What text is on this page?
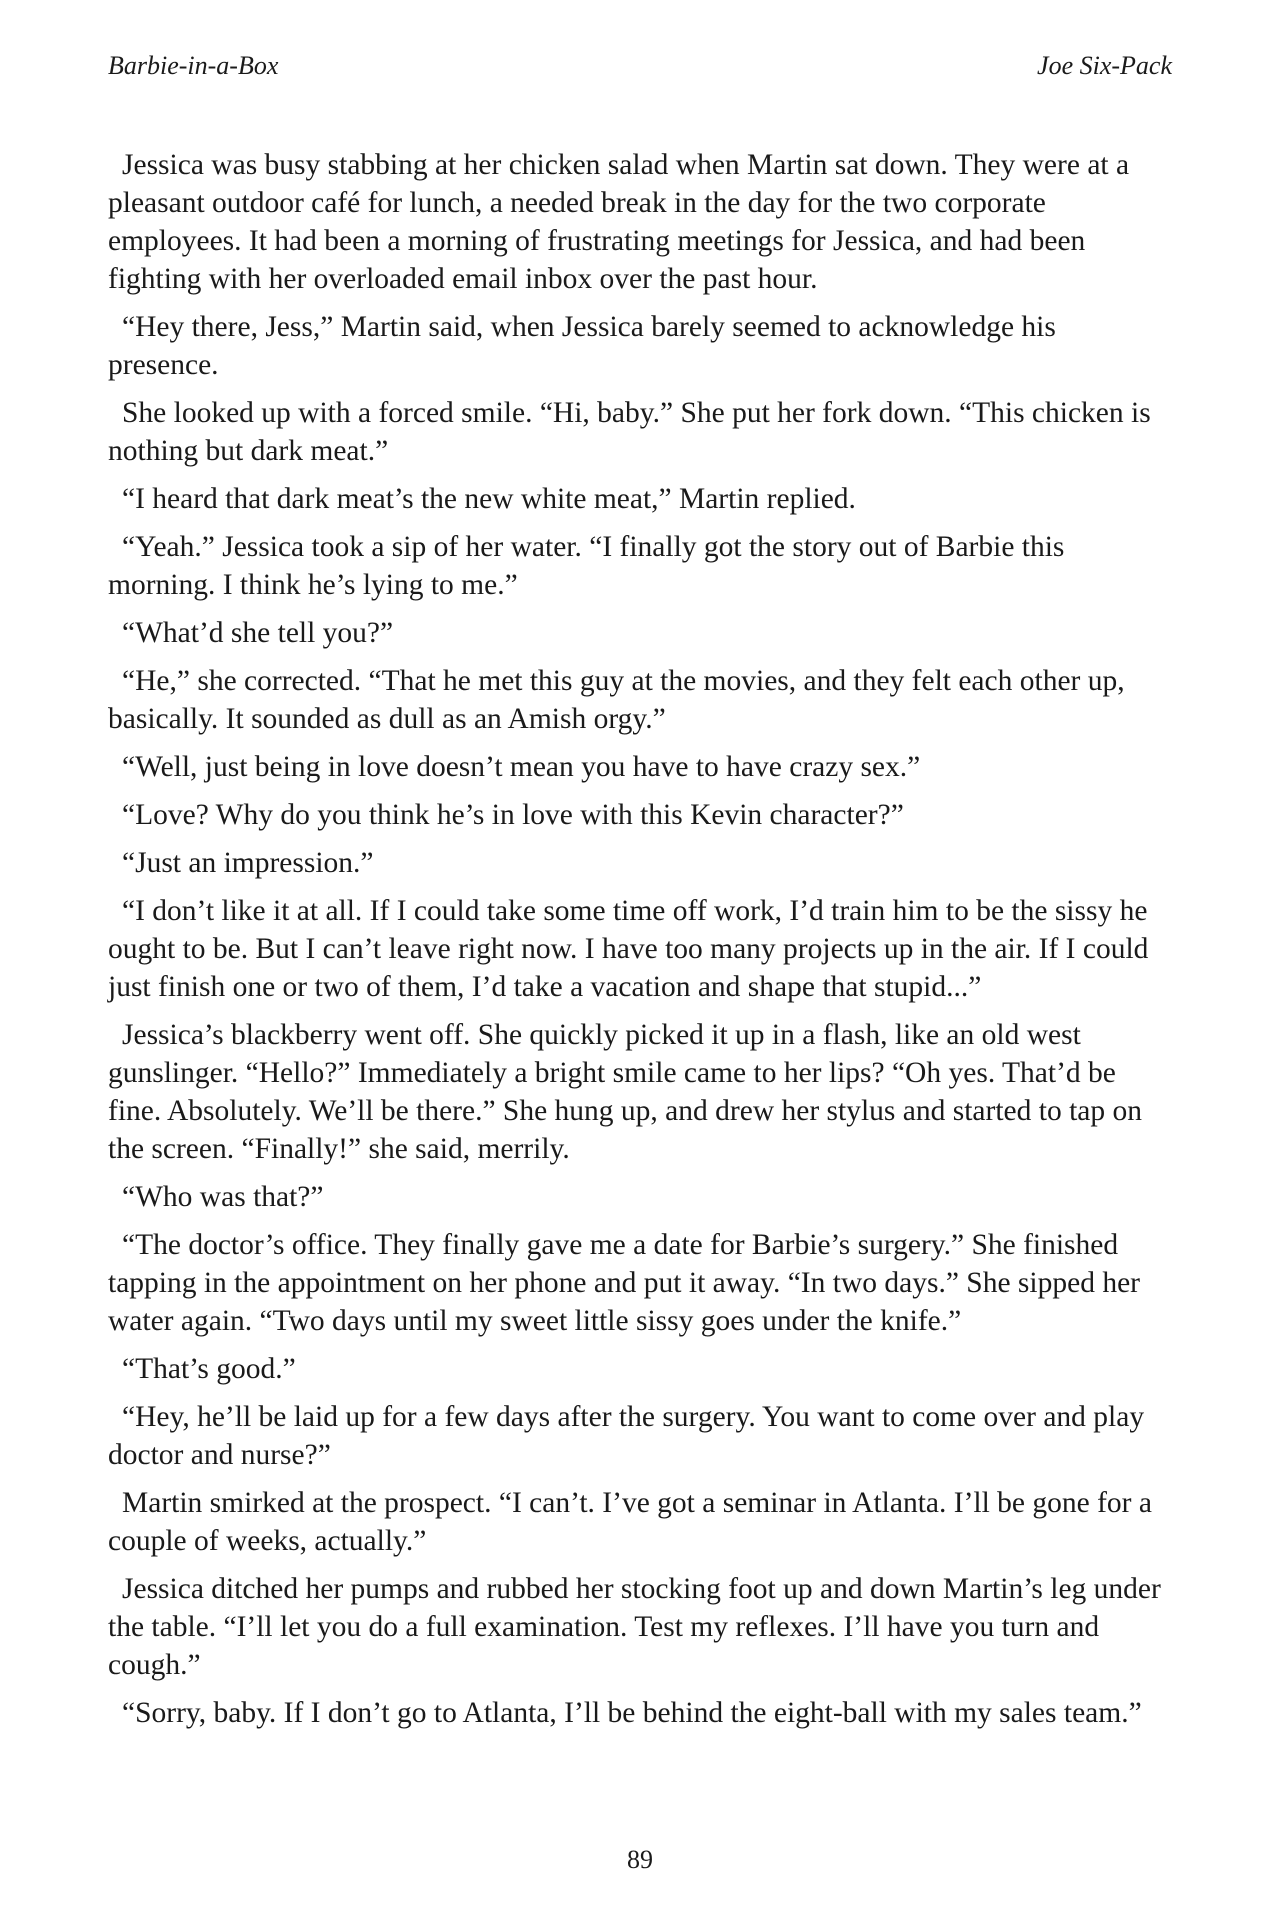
Barbie-in-a-Box	Joe Six-Pack

Jessica was busy stabbing at her chicken salad when Martin sat down. They were at a pleasant outdoor café for lunch, a needed break in the day for the two corporate employees. It had been a morning of frustrating meetings for Jessica, and had been fighting with her overloaded email inbox over the past hour.

“Hey there, Jess,” Martin said, when Jessica barely seemed to acknowledge his presence.

She looked up with a forced smile. “Hi, baby.” She put her fork down. “This chicken is nothing but dark meat.”

“I heard that dark meat’s the new white meat,” Martin replied.

“Yeah.” Jessica took a sip of her water. “I finally got the story out of Barbie this morning. I think he’s lying to me.”

“What’d she tell you?”

“He,” she corrected. “That he met this guy at the movies, and they felt each other up, basically. It sounded as dull as an Amish orgy.”

“Well, just being in love doesn’t mean you have to have crazy sex.”

“Love? Why do you think he’s in love with this Kevin character?”

“Just an impression.”

“I don’t like it at all. If I could take some time off work, I’d train him to be the sissy he ought to be. But I can’t leave right now. I have too many projects up in the air. If I could just finish one or two of them, I’d take a vacation and shape that stupid...”

Jessica’s blackberry went off. She quickly picked it up in a flash, like an old west gunslinger. “Hello?” Immediately a bright smile came to her lips? “Oh yes. That’d be fine. Absolutely. We’ll be there.” She hung up, and drew her stylus and started to tap on the screen. “Finally!” she said, merrily.

“Who was that?”

“The doctor’s office. They finally gave me a date for Barbie’s surgery.” She finished tapping in the appointment on her phone and put it away. “In two days.” She sipped her water again. “Two days until my sweet little sissy goes under the knife.”

“That’s good.”

“Hey, he’ll be laid up for a few days after the surgery. You want to come over and play doctor and nurse?”

Martin smirked at the prospect. “I can’t. I’ve got a seminar in Atlanta. I’ll be gone for a couple of weeks, actually.”

Jessica ditched her pumps and rubbed her stocking foot up and down Martin’s leg under the table. “I’ll let you do a full examination. Test my reflexes. I’ll have you turn and cough.”

“Sorry, baby. If I don’t go to Atlanta, I’ll be behind the eight-ball with my sales team.”

89
